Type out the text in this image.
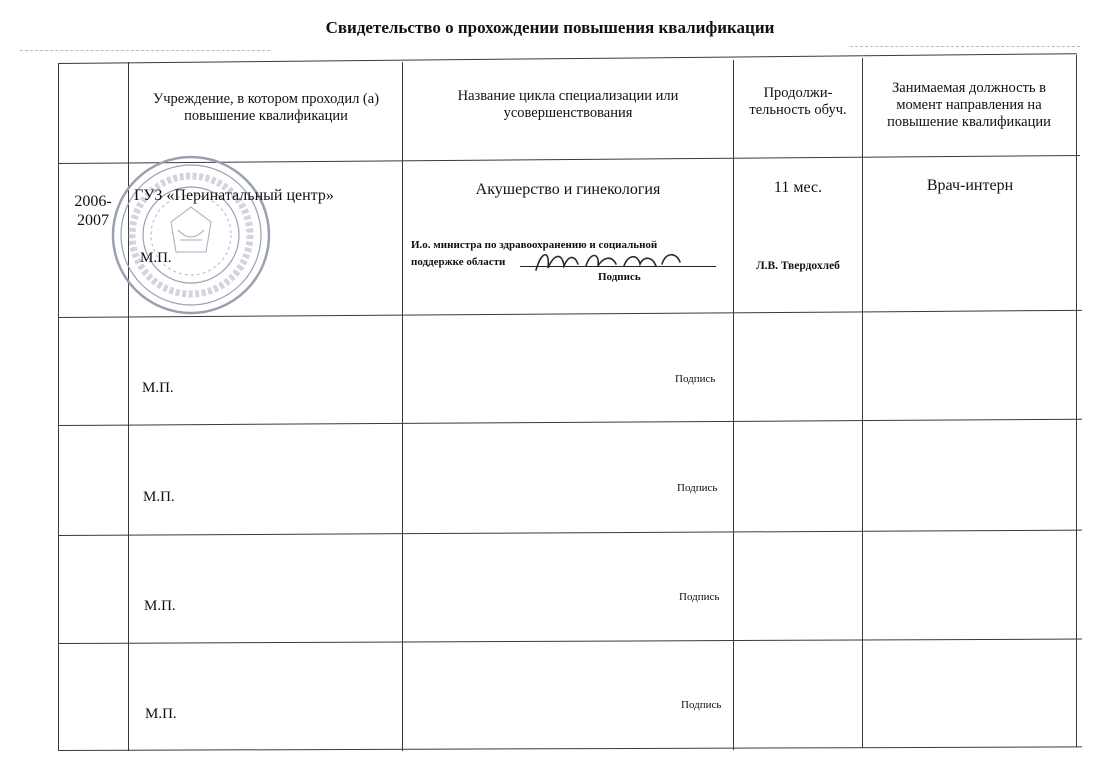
Свидетельство о прохождении повышения квалификации
Учреждение, в котором проходил (а) повышение квалификации
Название цикла специализации или усовершенствования
Продолжи-тельность обуч.
Занимаемая должность в момент направления на повышение квалификации
2006-2007
ГУЗ «Перинатальный центр»
М.П.
Акушерство и гинекология
И.о. министра по здравоохранению и социальной
поддержке области
Подпись
11 мес.
Л.В. Твердохлеб
Врач-интерн
М.П.
Подпись
М.П.
Подпись
М.П.
Подпись
М.П.
Подпись
